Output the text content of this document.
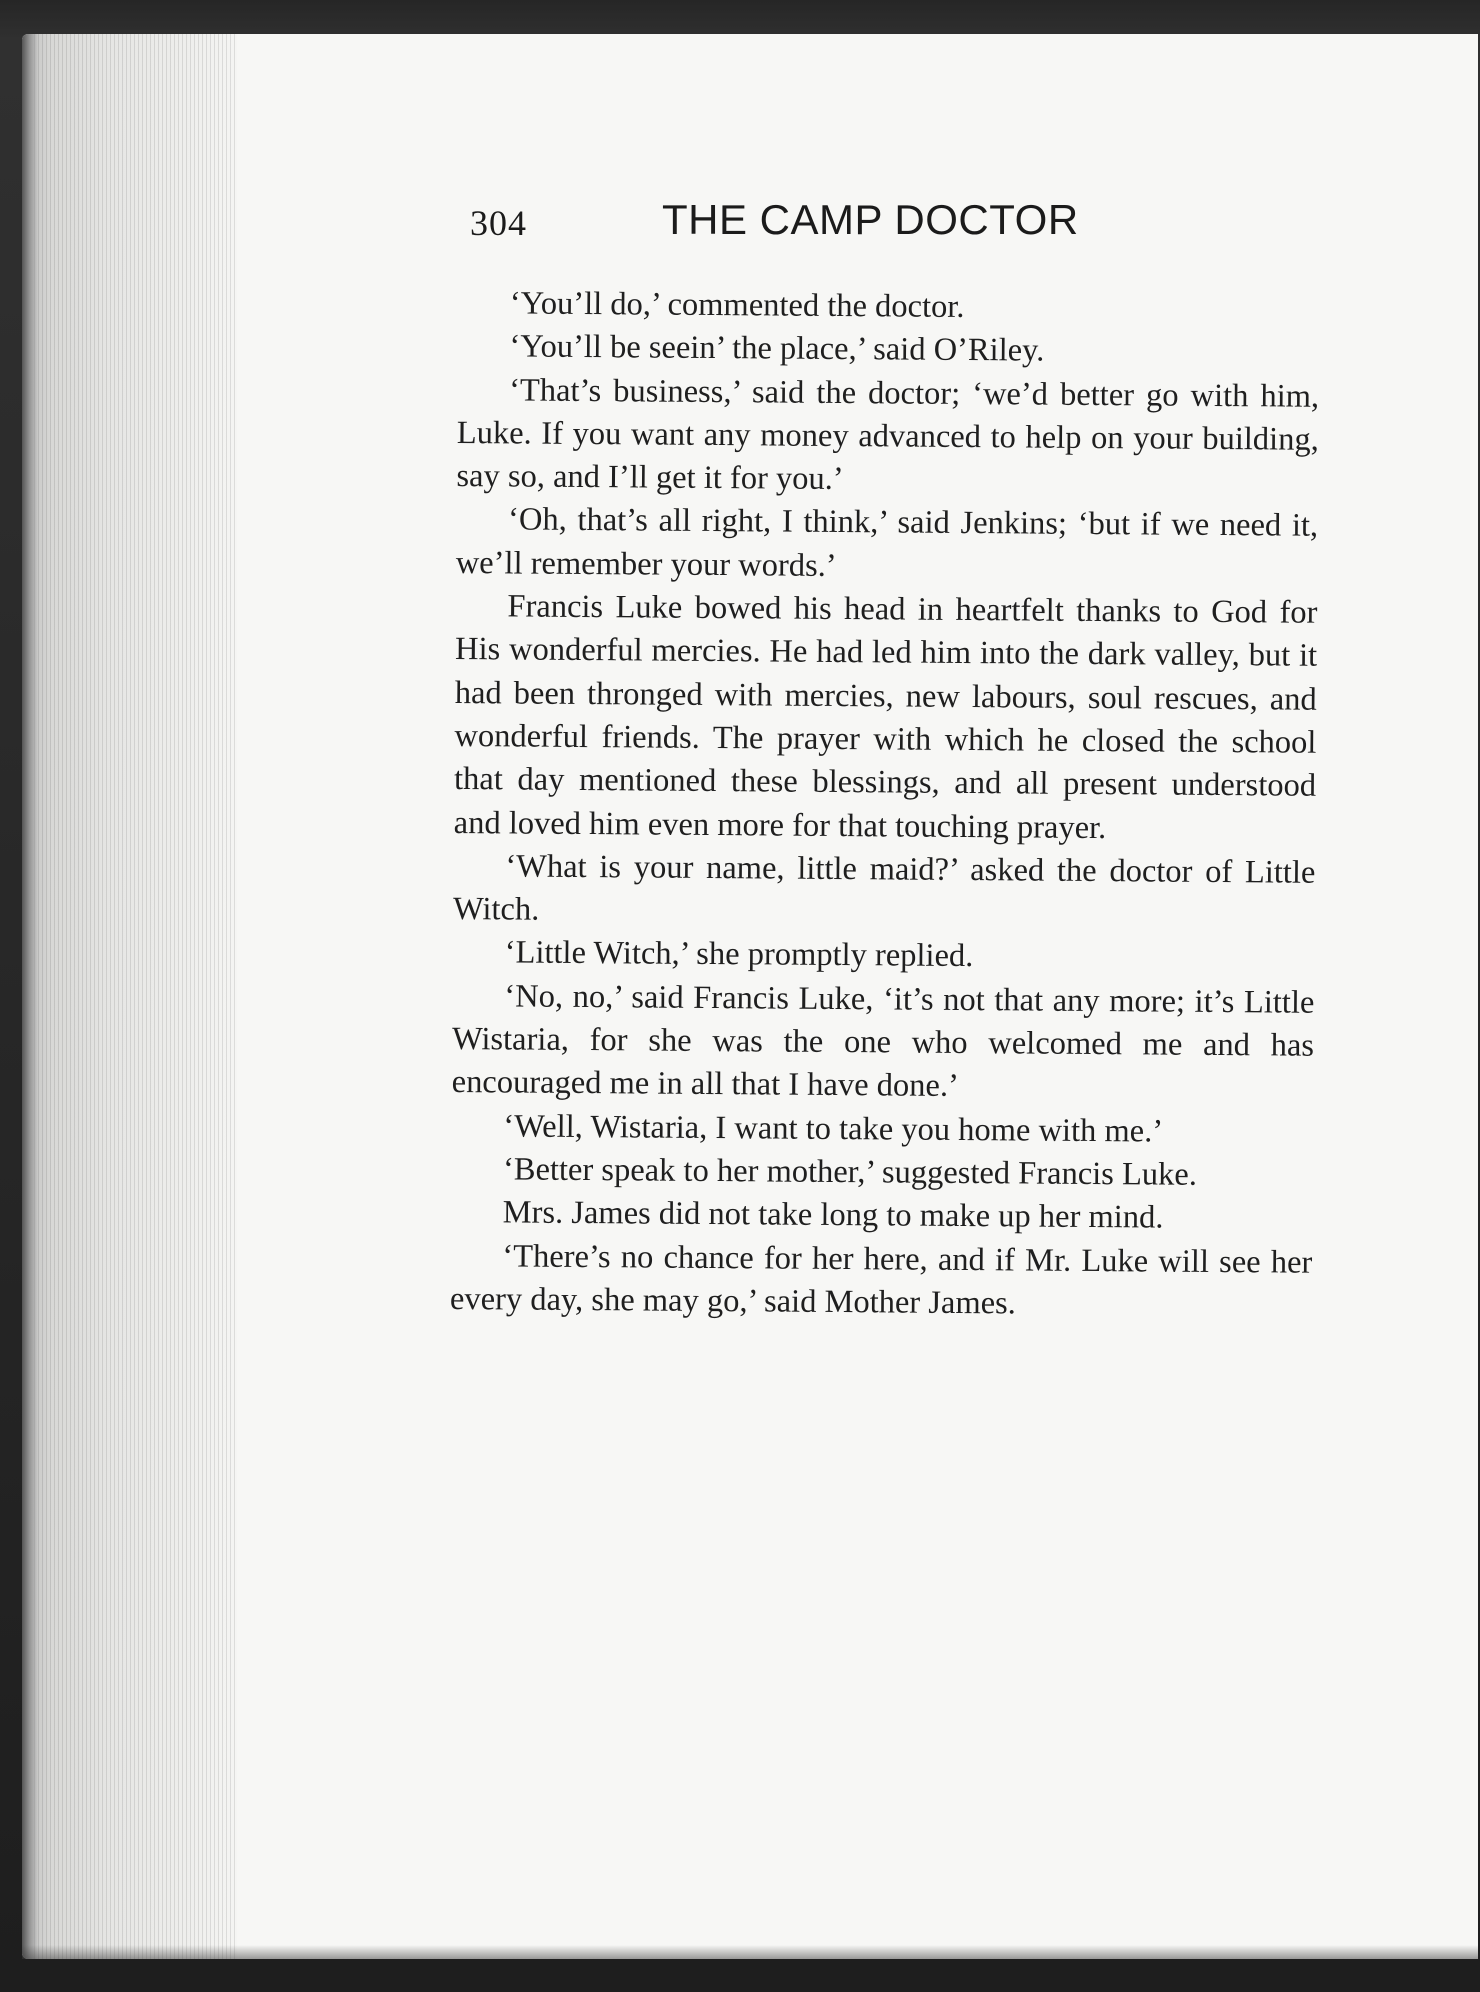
304	THE CAMP DOCTOR

‘You’ll do,’ commented the doctor.

‘You’ll be seein’ the place,’ said O’Riley.

‘That’s business,’ said the doctor; ‘we’d better go with him, Luke. If you want any money advanced to help on your building, say so, and I’ll get it for you.’

‘Oh, that’s all right, I think,’ said Jenkins; ‘but if we need it, we’ll remember your words.’

Francis Luke bowed his head in heartfelt thanks to God for His wonderful mercies. He had led him into the dark valley, but it had been thronged with mercies, new labours, soul rescues, and wonderful friends. The prayer with which he closed the school that day mentioned these blessings, and all present understood and loved him even more for that touching prayer.

‘What is your name, little maid?’ asked the doctor of Little Witch.

‘Little Witch,’ she promptly replied.

‘No, no,’ said Francis Luke, ‘it’s not that any more; it’s Little Wistaria, for she was the one who welcomed me and has encouraged me in all that I have done.’

‘Well, Wistaria, I want to take you home with me.’

‘Better speak to her mother,’ suggested Francis Luke.

Mrs. James did not take long to make up her mind.

‘There’s no chance for her here, and if Mr. Luke will see her every day, she may go,’ said Mother James.
